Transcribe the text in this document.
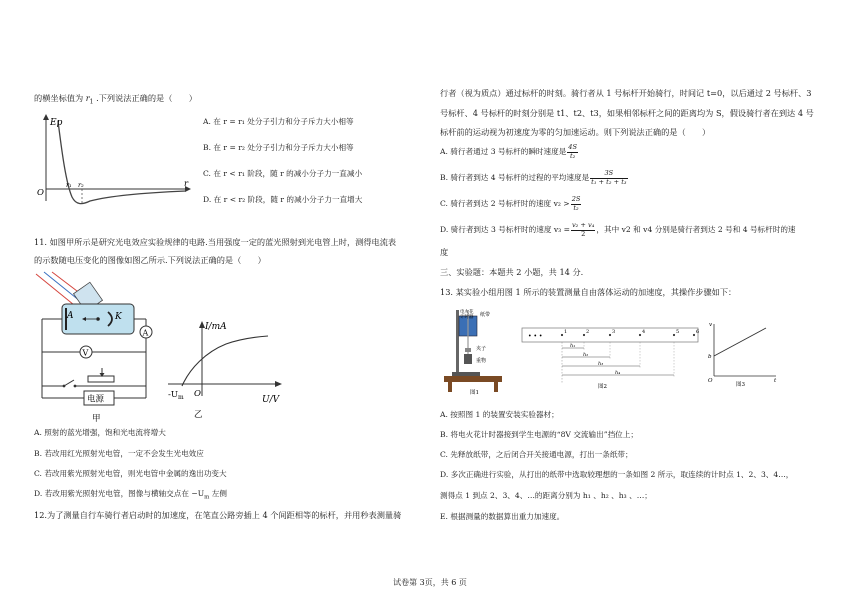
的横坐标值为 $r_1$ .下列说法正确的是（　　）
Ep
O
r₁ r₂	r
A. 在 r = r₁ 处分子引力和分子斥力大小相等
B. 在 r = r₂ 处分子引力和分子斥力大小相等
C. 在 r < r₁ 阶段，随 r 的减小分子力一直减小
D. 在 r < r₂ 阶段，随 r 的减小分子力一直增大
11. 如图甲所示是研究光电效应实验规律的电路.当用强度一定的蓝光照射到光电管上时，测得电流表
的示数随电压变化的图像如图乙所示.下列说法正确的是（　　）
A	K
A
V
电源
甲
I/mA
O
$-U_m$	U/V
乙
A. 照射的蓝光增强，饱和光电流将增大
B. 若改用红光照射光电管，一定不会发生光电效应
C. 若改用紫光照射光电管，则光电管中金属的逸出功变大
D. 若改用紫光照射光电管，图像与横轴交点在 $-U_m$ 左侧
12.为了测量自行车骑行者启动时的加速度，在笔直公路旁插上 4 个间距相等的标杆，并用秒表测量骑
行者（视为质点）通过标杆的时刻。骑行者从 1 号标杆开始骑行，时间记 t=0，以后通过 2 号标杆、3
号标杆、4 号标杆的时刻分别是 t1、t2、t3，如果相邻标杆之间的距离均为 S，假设骑行者在到达 4 号
标杆前的运动视为初速度为零的匀加速运动。则下列说法正确的是（　　）
A. 骑行者通过 3 号标杆的瞬时速度是 $\frac{4S}{\text{t₂}}$
B. 骑行者到达 4 号标杆的过程的平均速度是 $\frac{3S}{\text{t₁ + t₂ + t₃}}$
C. 骑行者到达 2 号标杆时的速度 $v_2 > \frac{2S}{\text{t₂}}$
D. 骑行者到达 3 号标杆时的速度 $v_3 = \frac{\text{v₂ + v₄}}{2}$ ，其中 v2 和 v4 分别是骑行者到达 2 号和 4 号标杆时的速
度
三、实验题：本题共 2 小题，共 14 分.
13. 某实验小组用图 1 所示的装置测量自由落体运动的加速度，其操作步骤如下：
电火花
计时器 纸带
夹子
重物
图1
• • •
1	2	3	4	5	6
h₁
h₂
h₃
h₄
图2
v
b
O	t
图3
A. 按照图 1 的装置安装实验器材；
B. 将电火花计时器接到学生电源的“8V 交流输出”挡位上；
C. 先释放纸带，之后闭合开关接通电源，打出一条纸带；
D. 多次正确进行实验，从打出的纸带中选取较理想的一条如图 2 所示，取连续的计时点 1、2、3、4…，
测得点 1 到点 2、3、4、…的距离分别为 h₁ 、h₂ 、h₃ 、…；
E. 根据测量的数据算出重力加速度。
试卷第 3页，共 6 页
